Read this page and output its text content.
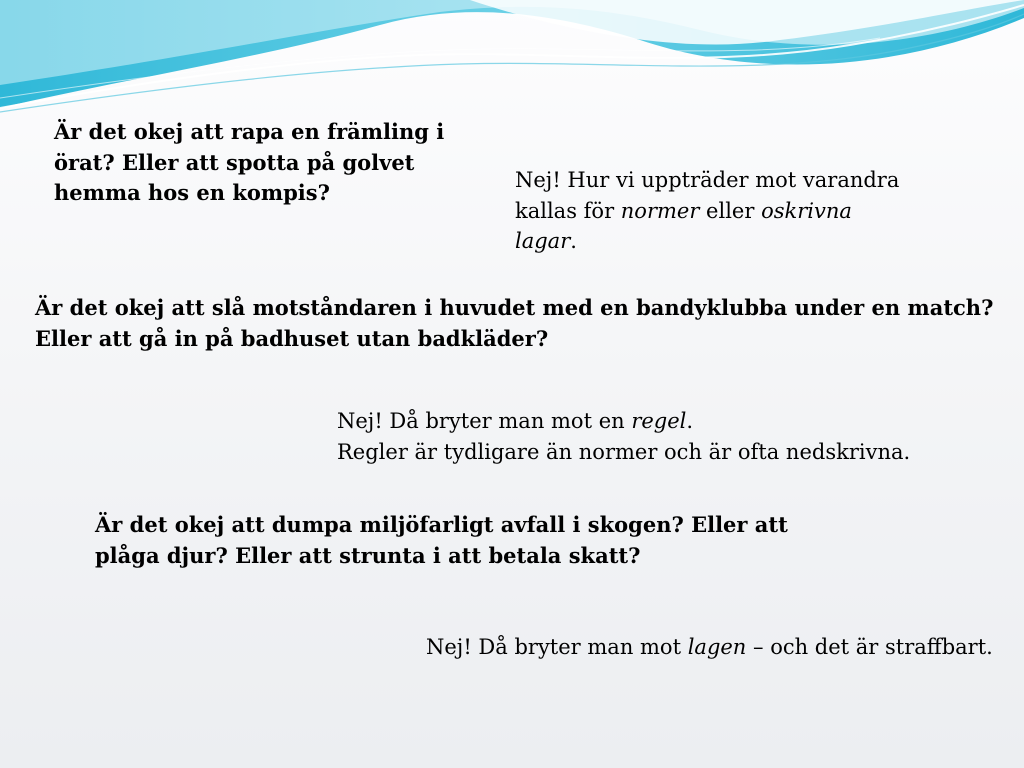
Är det okej att rapa en främling i
örat? Eller att spotta på golvet
hemma hos en kompis?	Nej! Hur vi uppträder mot varandra
kallas för normer eller oskrivna
lagar.
Är det okej att slå motståndaren i huvudet med en bandyklubba under en match?
Eller att gå in på badhuset utan badkläder?
Nej! Då bryter man mot en regel.
Regler är tydligare än normer och är ofta nedskrivna.
Är det okej att dumpa miljöfarligt avfall i skogen? Eller att
plåga djur? Eller att strunta i att betala skatt?
Nej! Då bryter man mot lagen – och det är straffbart.
